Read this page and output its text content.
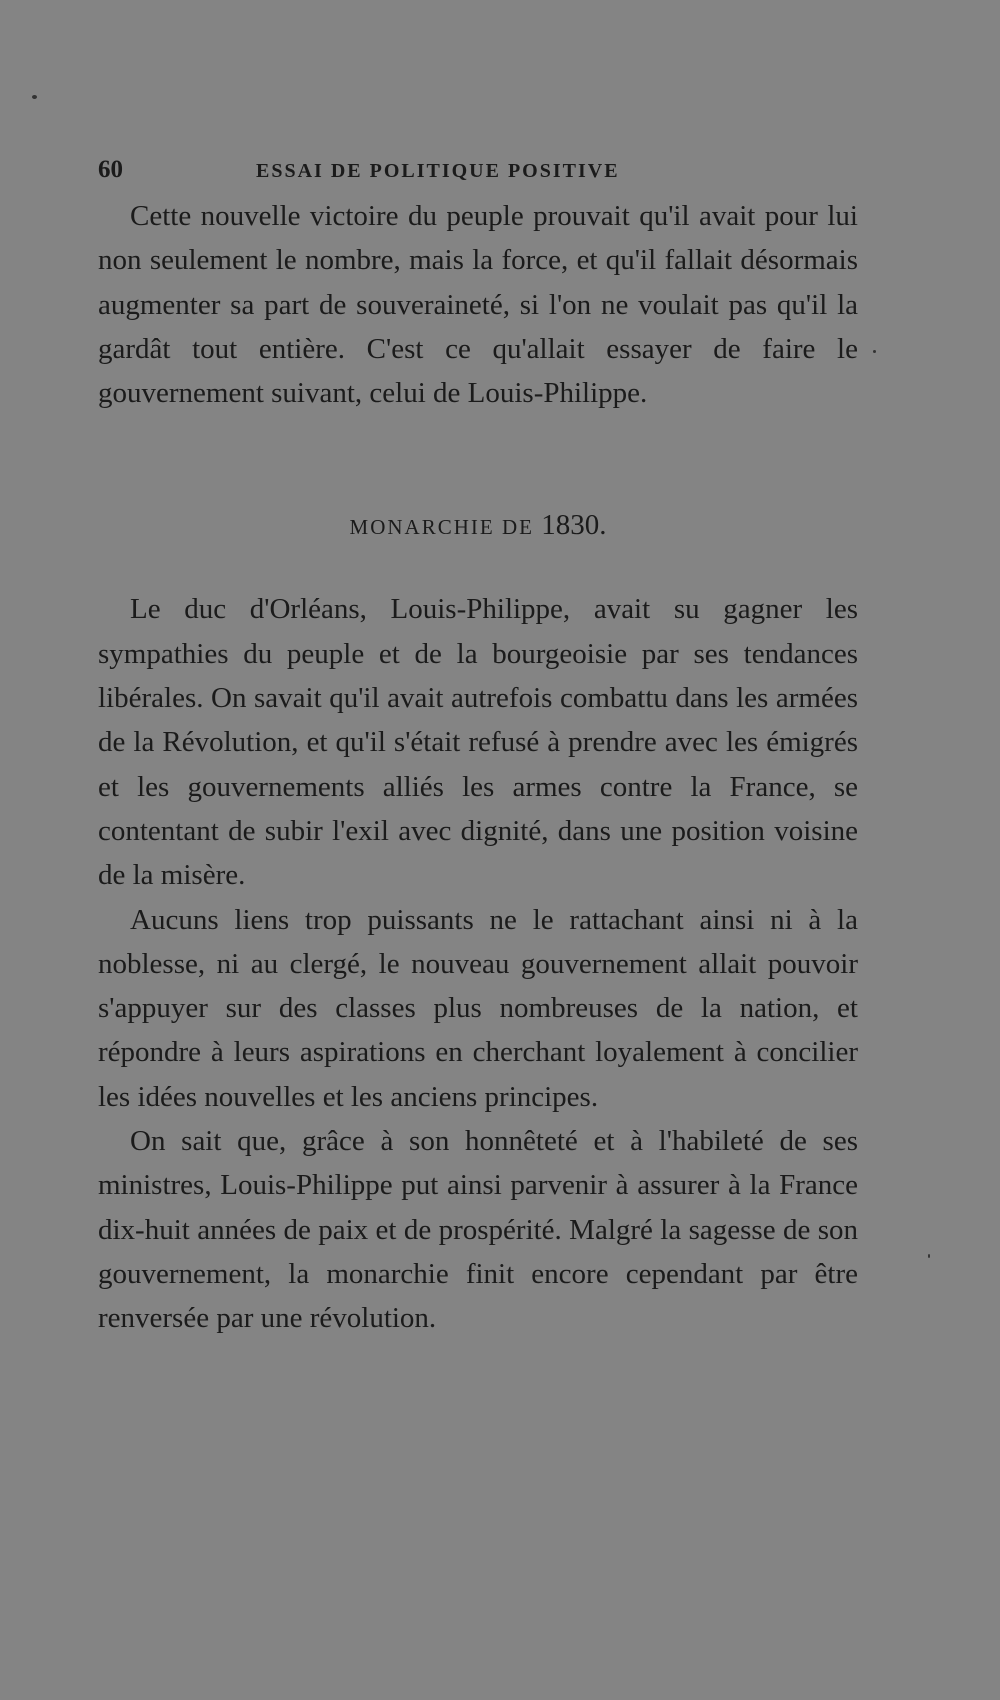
60	ESSAI DE POLITIQUE POSITIVE

Cette nouvelle victoire du peuple prouvait qu'il avait pour lui non seulement le nombre, mais la force, et qu'il fallait désormais augmenter sa part de souveraineté, si l'on ne voulait pas qu'il la gardât tout entière. C'est ce qu'allait essayer de faire le gouvernement suivant, celui de Louis-Philippe.

MONARCHIE DE 1830.

Le duc d'Orléans, Louis-Philippe, avait su gagner les sympathies du peuple et de la bourgeoisie par ses tendances libérales. On savait qu'il avait autrefois combattu dans les armées de la Révolution, et qu'il s'était refusé à prendre avec les émigrés et les gouvernements alliés les armes contre la France, se contentant de subir l'exil avec dignité, dans une position voisine de la misère.

Aucuns liens trop puissants ne le rattachant ainsi ni à la noblesse, ni au clergé, le nouveau gouvernement allait pouvoir s'appuyer sur des classes plus nombreuses de la nation, et répondre à leurs aspirations en cherchant loyalement à concilier les idées nouvelles et les anciens principes.

On sait que, grâce à son honnêteté et à l'habileté de ses ministres, Louis-Philippe put ainsi parvenir à assurer à la France dix-huit années de paix et de prospérité. Malgré la sagesse de son gouvernement, la monarchie finit encore cependant par être renversée par une révolution.
